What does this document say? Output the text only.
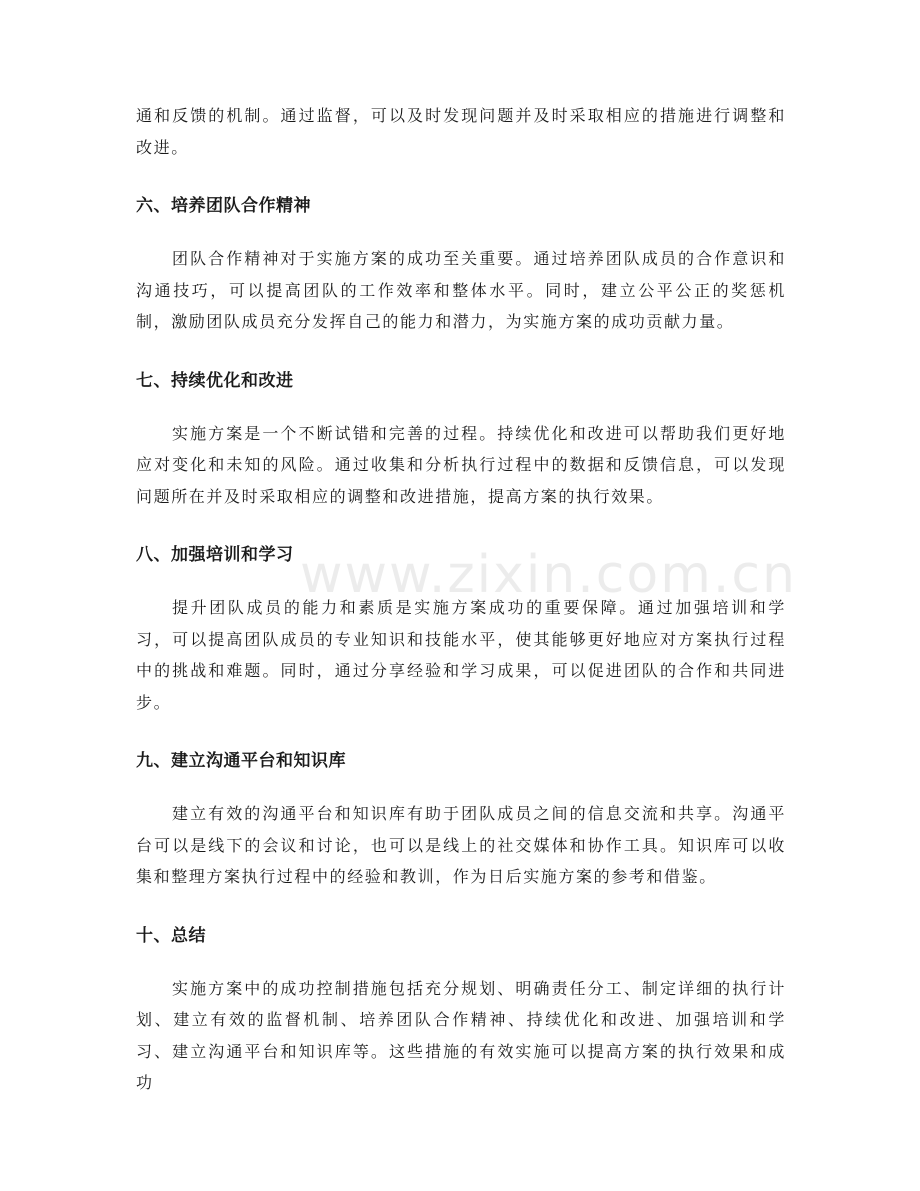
通和反馈的机制。通过监督，可以及时发现问题并及时采取相应的措施进行调整和改进。

六、培养团队合作精神

团队合作精神对于实施方案的成功至关重要。通过培养团队成员的合作意识和沟通技巧，可以提高团队的工作效率和整体水平。同时，建立公平公正的奖惩机制，激励团队成员充分发挥自己的能力和潜力，为实施方案的成功贡献力量。

七、持续优化和改进

实施方案是一个不断试错和完善的过程。持续优化和改进可以帮助我们更好地应对变化和未知的风险。通过收集和分析执行过程中的数据和反馈信息，可以发现问题所在并及时采取相应的调整和改进措施，提高方案的执行效果。

八、加强培训和学习

提升团队成员的能力和素质是实施方案成功的重要保障。通过加强培训和学习，可以提高团队成员的专业知识和技能水平，使其能够更好地应对方案执行过程中的挑战和难题。同时，通过分享经验和学习成果，可以促进团队的合作和共同进步。

九、建立沟通平台和知识库

建立有效的沟通平台和知识库有助于团队成员之间的信息交流和共享。沟通平台可以是线下的会议和讨论，也可以是线上的社交媒体和协作工具。知识库可以收集和整理方案执行过程中的经验和教训，作为日后实施方案的参考和借鉴。

十、总结

实施方案中的成功控制措施包括充分规划、明确责任分工、制定详细的执行计划、建立有效的监督机制、培养团队合作精神、持续优化和改进、加强培训和学习、建立沟通平台和知识库等。这些措施的有效实施可以提高方案的执行效果和成功

www.zixin.com.cn
